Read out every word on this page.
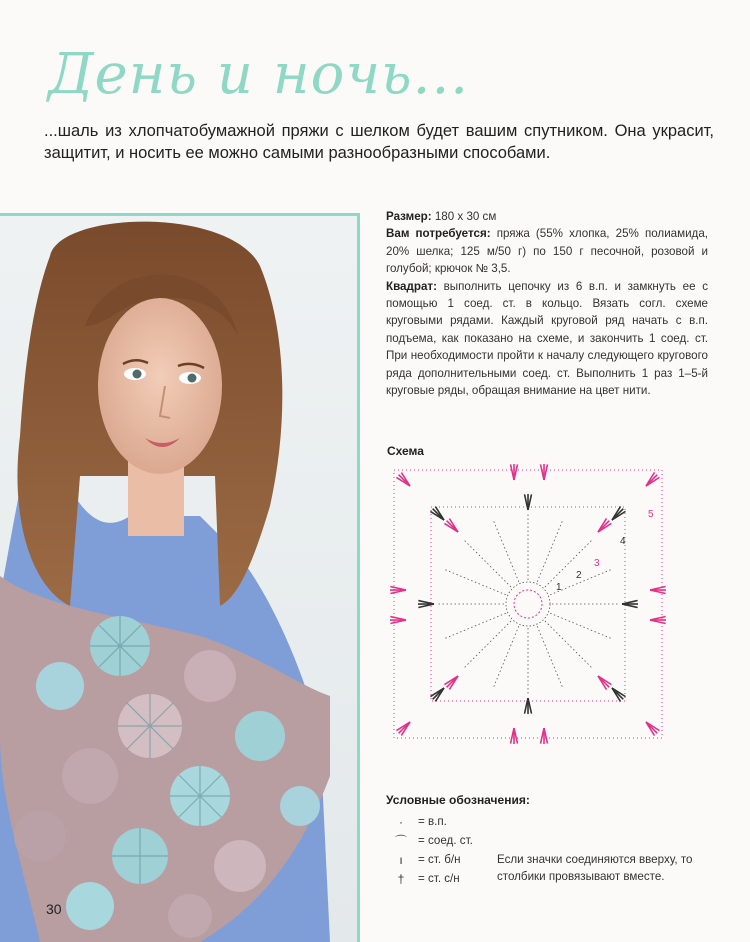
День и ночь...

...шаль из хлопчатобумажной пряжи с шелком будет вашим спутником. Она украсит, защитит, и носить ее можно самыми разнообразными способами.

30

Размер: 180 х 30 см

Вам потребуется: пряжа (55% хлопка, 25% полиамида, 20% шелка; 125 м/50 г) по 150 г песочной, розовой и голубой; крючок № 3,5.

Квадрат: выполнить цепочку из 6 в.п. и замкнуть ее с помощью 1 соед. ст. в кольцо. Вязать согл. схеме круговыми рядами. Каждый круговой ряд начать с в.п. подъема, как показано на схеме, и закончить 1 соед. ст. При необходимости пройти к началу следующего кругового ряда дополнительными соед. ст. Выполнить 1 раз 1–5-й круговые ряды, обращая внимание на цвет нити.

Схема
1
2
3
4
5
Условные обозначения:
·	= в.п.
⌒ = соед. ст.
ı	= ст. б/н
†	= ст. с/н
Если значки соединяются вверху, то столбики провязывают вместе.
